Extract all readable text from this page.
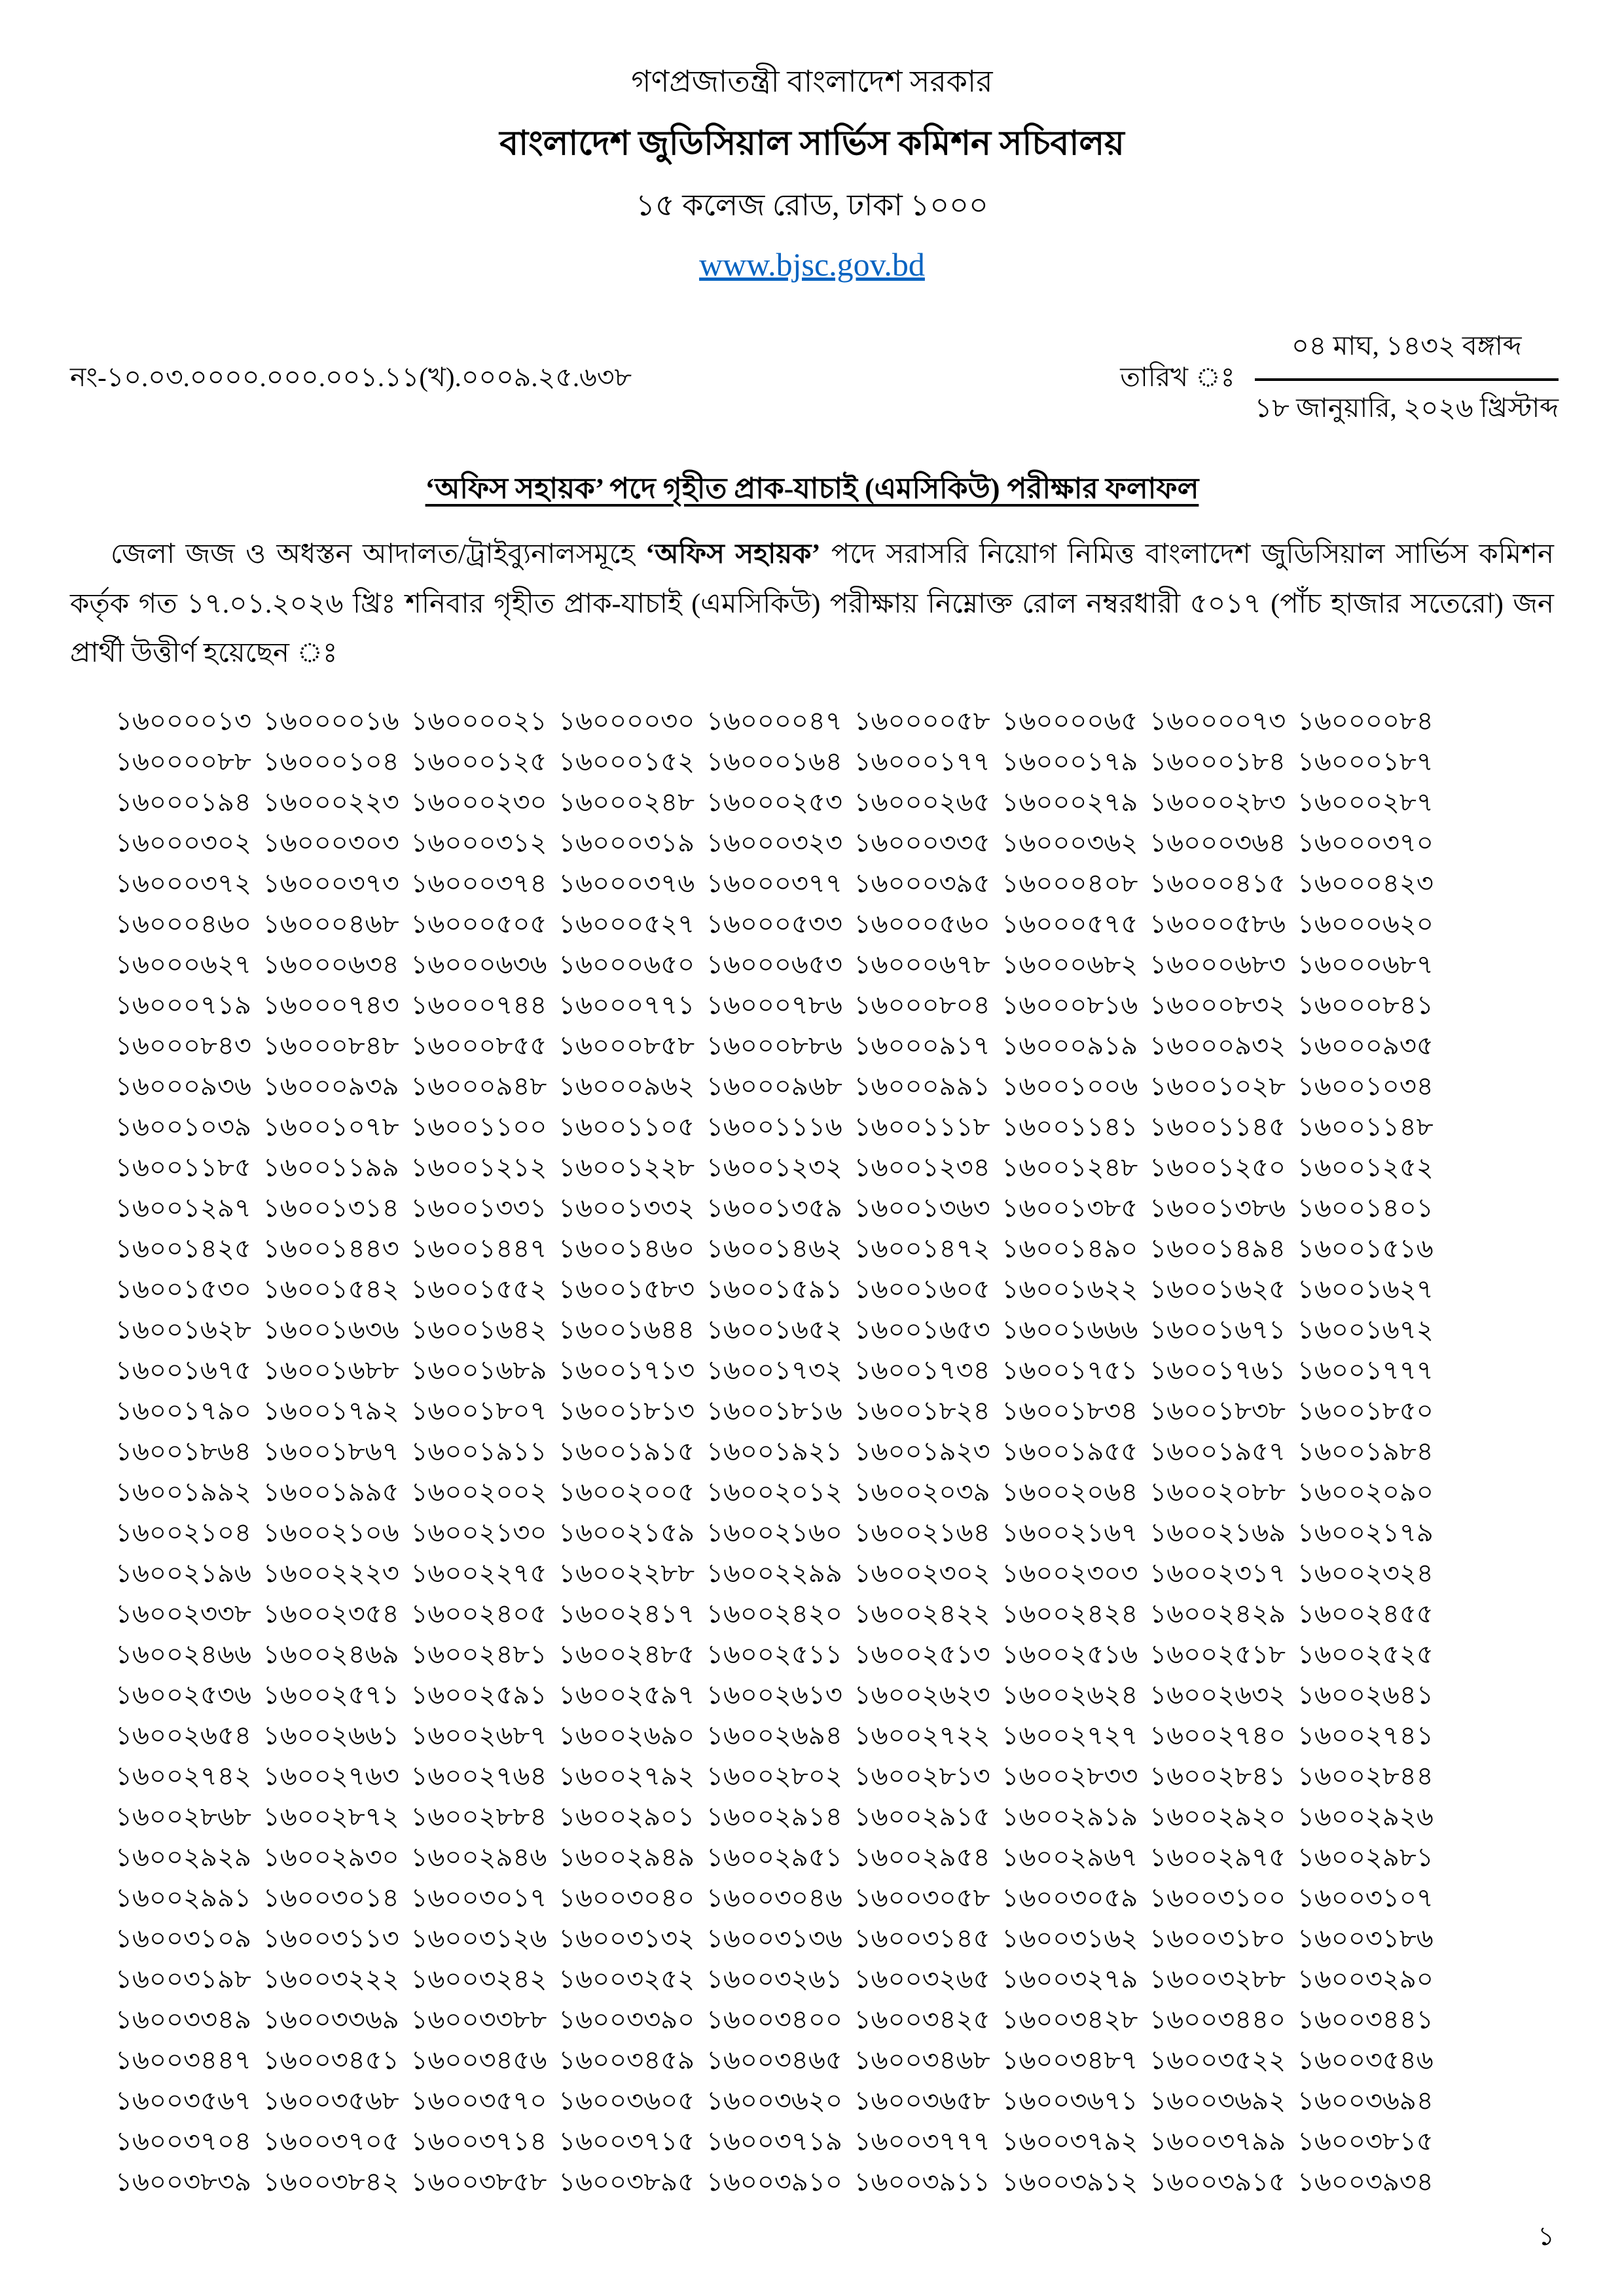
গণপ্রজাতন্ত্রী বাংলাদেশ সরকার
বাংলাদেশ জুডিসিয়াল সার্ভিস কমিশন সচিবালয়
১৫ কলেজ রোড, ঢাকা ১০০০
www.bjsc.gov.bd
নং-১০.০৩.০০০০.০০০.০০১.১১(খ).০০০৯.২৫.৬৩৮	তারিখ ঃ $\frac{\text{০৪ মাঘ, ১৪৩২ বঙ্গাব্দ}}{\text{১৮ জানুয়ারি, ২০২৬ খ্রিস্টাব্দ}}$
‘অফিস সহায়ক’ পদে গৃহীত প্রাক-যাচাই (এমসিকিউ) পরীক্ষার ফলাফল
জেলা জজ ও অধস্তন আদালত/ট্রাইব্যুনালসমূহে ‘অফিস সহায়ক’ পদে সরাসরি নিয়োগ নিমিত্ত বাংলাদেশ জুডিসিয়াল সার্ভিস কমিশন কর্তৃক গত ১৭.০১.২০২৬ খ্রিঃ শনিবার গৃহীত প্রাক-যাচাই (এমসিকিউ) পরীক্ষায় নিম্নোক্ত রোল নম্বরধারী ৫০১৭ (পাঁচ হাজার সতেরো) জন প্রার্থী উত্তীর্ণ হয়েছেন ঃ
১৬০০০০১৩ ১৬০০০০১৬ ১৬০০০০২১ ১৬০০০০৩০ ১৬০০০০৪৭ ১৬০০০০৫৮ ১৬০০০০৬৫ ১৬০০০০৭৩ ১৬০০০০৮৪
১৬০০০০৮৮ ১৬০০০১০৪ ১৬০০০১২৫ ১৬০০০১৫২ ১৬০০০১৬৪ ১৬০০০১৭৭ ১৬০০০১৭৯ ১৬০০০১৮৪ ১৬০০০১৮৭
১৬০০০১৯৪ ১৬০০০২২৩ ১৬০০০২৩০ ১৬০০০২৪৮ ১৬০০০২৫৩ ১৬০০০২৬৫ ১৬০০০২৭৯ ১৬০০০২৮৩ ১৬০০০২৮৭
১৬০০০৩০২ ১৬০০০৩০৩ ১৬০০০৩১২ ১৬০০০৩১৯ ১৬০০০৩২৩ ১৬০০০৩৩৫ ১৬০০০৩৬২ ১৬০০০৩৬৪ ১৬০০০৩৭০
১৬০০০৩৭২ ১৬০০০৩৭৩ ১৬০০০৩৭৪ ১৬০০০৩৭৬ ১৬০০০৩৭৭ ১৬০০০৩৯৫ ১৬০০০৪০৮ ১৬০০০৪১৫ ১৬০০০৪২৩
১৬০০০৪৬০ ১৬০০০৪৬৮ ১৬০০০৫০৫ ১৬০০০৫২৭ ১৬০০০৫৩৩ ১৬০০০৫৬০ ১৬০০০৫৭৫ ১৬০০০৫৮৬ ১৬০০০৬২০
১৬০০০৬২৭ ১৬০০০৬৩৪ ১৬০০০৬৩৬ ১৬০০০৬৫০ ১৬০০০৬৫৩ ১৬০০০৬৭৮ ১৬০০০৬৮২ ১৬০০০৬৮৩ ১৬০০০৬৮৭
১৬০০০৭১৯ ১৬০০০৭৪৩ ১৬০০০৭৪৪ ১৬০০০৭৭১ ১৬০০০৭৮৬ ১৬০০০৮০৪ ১৬০০০৮১৬ ১৬০০০৮৩২ ১৬০০০৮৪১
১৬০০০৮৪৩ ১৬০০০৮৪৮ ১৬০০০৮৫৫ ১৬০০০৮৫৮ ১৬০০০৮৮৬ ১৬০০০৯১৭ ১৬০০০৯১৯ ১৬০০০৯৩২ ১৬০০০৯৩৫
১৬০০০৯৩৬ ১৬০০০৯৩৯ ১৬০০০৯৪৮ ১৬০০০৯৬২ ১৬০০০৯৬৮ ১৬০০০৯৯১ ১৬০০১০০৬ ১৬০০১০২৮ ১৬০০১০৩৪
১৬০০১০৩৯ ১৬০০১০৭৮ ১৬০০১১০০ ১৬০০১১০৫ ১৬০০১১১৬ ১৬০০১১১৮ ১৬০০১১৪১ ১৬০০১১৪৫ ১৬০০১১৪৮
১৬০০১১৮৫ ১৬০০১১৯৯ ১৬০০১২১২ ১৬০০১২২৮ ১৬০০১২৩২ ১৬০০১২৩৪ ১৬০০১২৪৮ ১৬০০১২৫০ ১৬০০১২৫২
১৬০০১২৯৭ ১৬০০১৩১৪ ১৬০০১৩৩১ ১৬০০১৩৩২ ১৬০০১৩৫৯ ১৬০০১৩৬৩ ১৬০০১৩৮৫ ১৬০০১৩৮৬ ১৬০০১৪০১
১৬০০১৪২৫ ১৬০০১৪৪৩ ১৬০০১৪৪৭ ১৬০০১৪৬০ ১৬০০১৪৬২ ১৬০০১৪৭২ ১৬০০১৪৯০ ১৬০০১৪৯৪ ১৬০০১৫১৬
১৬০০১৫৩০ ১৬০০১৫৪২ ১৬০০১৫৫২ ১৬০০১৫৮৩ ১৬০০১৫৯১ ১৬০০১৬০৫ ১৬০০১৬২২ ১৬০০১৬২৫ ১৬০০১৬২৭
১৬০০১৬২৮ ১৬০০১৬৩৬ ১৬০০১৬৪২ ১৬০০১৬৪৪ ১৬০০১৬৫২ ১৬০০১৬৫৩ ১৬০০১৬৬৬ ১৬০০১৬৭১ ১৬০০১৬৭২
১৬০০১৬৭৫ ১৬০০১৬৮৮ ১৬০০১৬৮৯ ১৬০০১৭১৩ ১৬০০১৭৩২ ১৬০০১৭৩৪ ১৬০০১৭৫১ ১৬০০১৭৬১ ১৬০০১৭৭৭
১৬০০১৭৯০ ১৬০০১৭৯২ ১৬০০১৮০৭ ১৬০০১৮১৩ ১৬০০১৮১৬ ১৬০০১৮২৪ ১৬০০১৮৩৪ ১৬০০১৮৩৮ ১৬০০১৮৫০
১৬০০১৮৬৪ ১৬০০১৮৬৭ ১৬০০১৯১১ ১৬০০১৯১৫ ১৬০০১৯২১ ১৬০০১৯২৩ ১৬০০১৯৫৫ ১৬০০১৯৫৭ ১৬০০১৯৮৪
১৬০০১৯৯২ ১৬০০১৯৯৫ ১৬০০২০০২ ১৬০০২০০৫ ১৬০০২০১২ ১৬০০২০৩৯ ১৬০০২০৬৪ ১৬০০২০৮৮ ১৬০০২০৯০
১৬০০২১০৪ ১৬০০২১০৬ ১৬০০২১৩০ ১৬০০২১৫৯ ১৬০০২১৬০ ১৬০০২১৬৪ ১৬০০২১৬৭ ১৬০০২১৬৯ ১৬০০২১৭৯
১৬০০২১৯৬ ১৬০০২২২৩ ১৬০০২২৭৫ ১৬০০২২৮৮ ১৬০০২২৯৯ ১৬০০২৩০২ ১৬০০২৩০৩ ১৬০০২৩১৭ ১৬০০২৩২৪
১৬০০২৩৩৮ ১৬০০২৩৫৪ ১৬০০২৪০৫ ১৬০০২৪১৭ ১৬০০২৪২০ ১৬০০২৪২২ ১৬০০২৪২৪ ১৬০০২৪২৯ ১৬০০২৪৫৫
১৬০০২৪৬৬ ১৬০০২৪৬৯ ১৬০০২৪৮১ ১৬০০২৪৮৫ ১৬০০২৫১১ ১৬০০২৫১৩ ১৬০০২৫১৬ ১৬০০২৫১৮ ১৬০০২৫২৫
১৬০০২৫৩৬ ১৬০০২৫৭১ ১৬০০২৫৯১ ১৬০০২৫৯৭ ১৬০০২৬১৩ ১৬০০২৬২৩ ১৬০০২৬২৪ ১৬০০২৬৩২ ১৬০০২৬৪১
১৬০০২৬৫৪ ১৬০০২৬৬১ ১৬০০২৬৮৭ ১৬০০২৬৯০ ১৬০০২৬৯৪ ১৬০০২৭২২ ১৬০০২৭২৭ ১৬০০২৭৪০ ১৬০০২৭৪১
১৬০০২৭৪২ ১৬০০২৭৬৩ ১৬০০২৭৬৪ ১৬০০২৭৯২ ১৬০০২৮০২ ১৬০০২৮১৩ ১৬০০২৮৩৩ ১৬০০২৮৪১ ১৬০০২৮৪৪
১৬০০২৮৬৮ ১৬০০২৮৭২ ১৬০০২৮৮৪ ১৬০০২৯০১ ১৬০০২৯১৪ ১৬০০২৯১৫ ১৬০০২৯১৯ ১৬০০২৯২০ ১৬০০২৯২৬
১৬০০২৯২৯ ১৬০০২৯৩০ ১৬০০২৯৪৬ ১৬০০২৯৪৯ ১৬০০২৯৫১ ১৬০০২৯৫৪ ১৬০০২৯৬৭ ১৬০০২৯৭৫ ১৬০০২৯৮১
১৬০০২৯৯১ ১৬০০৩০১৪ ১৬০০৩০১৭ ১৬০০৩০৪০ ১৬০০৩০৪৬ ১৬০০৩০৫৮ ১৬০০৩০৫৯ ১৬০০৩১০০ ১৬০০৩১০৭
১৬০০৩১০৯ ১৬০০৩১১৩ ১৬০০৩১২৬ ১৬০০৩১৩২ ১৬০০৩১৩৬ ১৬০০৩১৪৫ ১৬০০৩১৬২ ১৬০০৩১৮০ ১৬০০৩১৮৬
১৬০০৩১৯৮ ১৬০০৩২২২ ১৬০০৩২৪২ ১৬০০৩২৫২ ১৬০০৩২৬১ ১৬০০৩২৬৫ ১৬০০৩২৭৯ ১৬০০৩২৮৮ ১৬০০৩২৯০
১৬০০৩৩৪৯ ১৬০০৩৩৬৯ ১৬০০৩৩৮৮ ১৬০০৩৩৯০ ১৬০০৩৪০০ ১৬০০৩৪২৫ ১৬০০৩৪২৮ ১৬০০৩৪৪০ ১৬০০৩৪৪১
১৬০০৩৪৪৭ ১৬০০৩৪৫১ ১৬০০৩৪৫৬ ১৬০০৩৪৫৯ ১৬০০৩৪৬৫ ১৬০০৩৪৬৮ ১৬০০৩৪৮৭ ১৬০০৩৫২২ ১৬০০৩৫৪৬
১৬০০৩৫৬৭ ১৬০০৩৫৬৮ ১৬০০৩৫৭০ ১৬০০৩৬০৫ ১৬০০৩৬২০ ১৬০০৩৬৫৮ ১৬০০৩৬৭১ ১৬০০৩৬৯২ ১৬০০৩৬৯৪
১৬০০৩৭০৪ ১৬০০৩৭০৫ ১৬০০৩৭১৪ ১৬০০৩৭১৫ ১৬০০৩৭১৯ ১৬০০৩৭৭৭ ১৬০০৩৭৯২ ১৬০০৩৭৯৯ ১৬০০৩৮১৫
১৬০০৩৮৩৯ ১৬০০৩৮৪২ ১৬০০৩৮৫৮ ১৬০০৩৮৯৫ ১৬০০৩৯১০ ১৬০০৩৯১১ ১৬০০৩৯১২ ১৬০০৩৯১৫ ১৬০০৩৯৩৪
১
